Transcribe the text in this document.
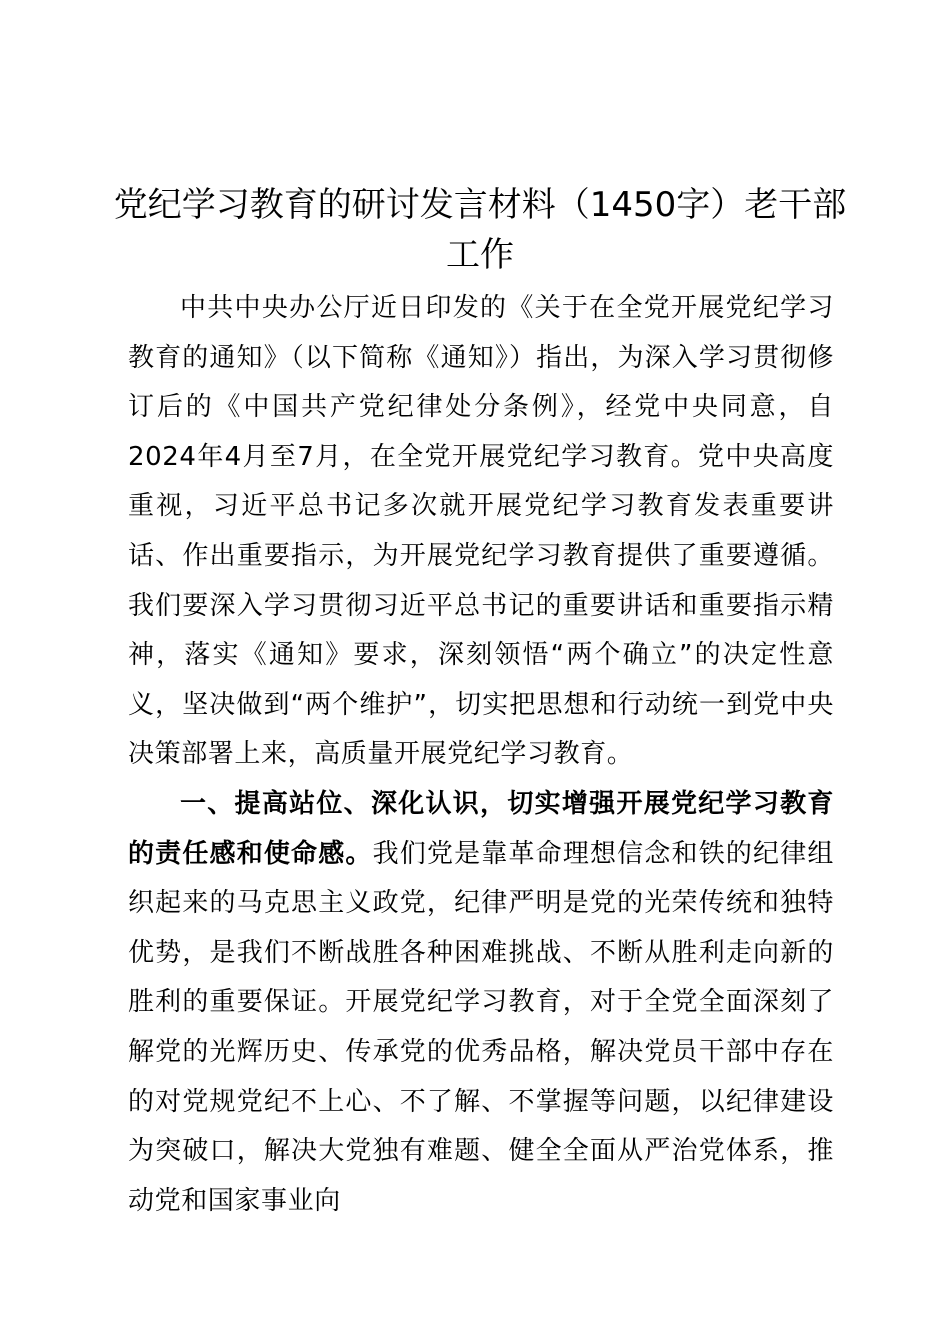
党纪学习教育的研讨发言材料（1450字）老干部工作

中共中央办公厅近日印发的《关于在全党开展党纪学习教育的通知》（以下简称《通知》）指出，为深入学习贯彻修订后的《中国共产党纪律处分条例》，经党中央同意，自 2024年4月至7月，在全党开展党纪学习教育。党中央高度重视，习近平总书记多次就开展党纪学习教育发表重要讲话、作出重要指示，为开展党纪学习教育提供了重要遵循。我们要深入学习贯彻习近平总书记的重要讲话和重要指示精神，落实《通知》要求，深刻领悟“两个确立”的决定性意义，坚决做到“两个维护”，切实把思想和行动统一到党中央决策部署上来，高质量开展党纪学习教育。

一、提高站位、深化认识，切实增强开展党纪学习教育的责任感和使命感。我们党是靠革命理想信念和铁的纪律组织起来的马克思主义政党，纪律严明是党的光荣传统和独特优势，是我们不断战胜各种困难挑战、不断从胜利走向新的胜利的重要保证。开展党纪学习教育，对于全党全面深刻了解党的光辉历史、传承党的优秀品格，解决党员干部中存在的对党规党纪不上心、不了解、不掌握等问题，以纪律建设为突破口，解决大党独有难题、健全全面从严治党体系，推动党和国家事业向
